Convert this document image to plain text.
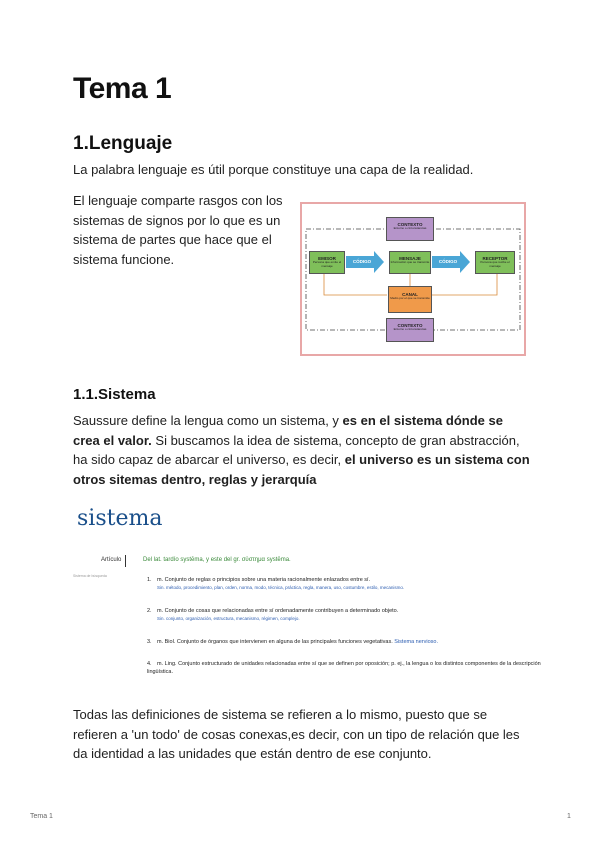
Tema 1
1.Lenguaje

La palabra lenguaje es útil porque constituye una capa de la realidad.

El lenguaje comparte rasgos con los sistemas de signos por lo que es un sistema de partes que hace que el sistema funcione.

CONTEXTO
Entorno o circunstancias
EMISOR
Persona que emite el mensaje
CÓDIGO
MENSAJE
Información que se transmite	CÓDIGO
RECEPTOR
Persona que recibe el mensaje
CANAL
Medio por el que se transmite
CONTEXTO
Entorno o circunstancias
1.1.Sistema

Saussure define la lengua como un sistema, y es en el sistema dónde se crea el valor. Si buscamos la idea de sistema, concepto de gran abstracción, ha sido capaz de abarcar el universo, es decir, el universo es un sistema con otros sitemas dentro, reglas y jerarquía

sistema
Artículo	Del lat. tardío systēma, y este del gr. σύστημα systēma.
Sistema de búsqueda
1. m. Conjunto de reglas o principios sobre una materia racionalmente enlazados entre sí.
Sin. método, procedimiento, plan, orden, norma, modo, técnica, práctica, regla, manera, uso, costumbre, estilo, mecanismo.
2. m. Conjunto de cosas que relacionadas entre sí ordenadamente contribuyen a determinado objeto.
Sin. conjunto, organización, estructura, mecanismo, régimen, complejo.
3. m. Biol. Conjunto de órganos que intervienen en alguna de las principales funciones vegetativas. Sistema nervioso.
4. m. Ling. Conjunto estructurado de unidades relacionadas entre sí que se definen por oposición; p. ej., la lengua o los distintos componentes de la descripción lingüística.

Todas las definiciones de sistema se refieren a lo mismo, puesto que se refieren a 'un todo' de cosas conexas,es decir, con un tipo de relación que les da identidad a las unidades que están dentro de ese conjunto.

Tema 1	1
